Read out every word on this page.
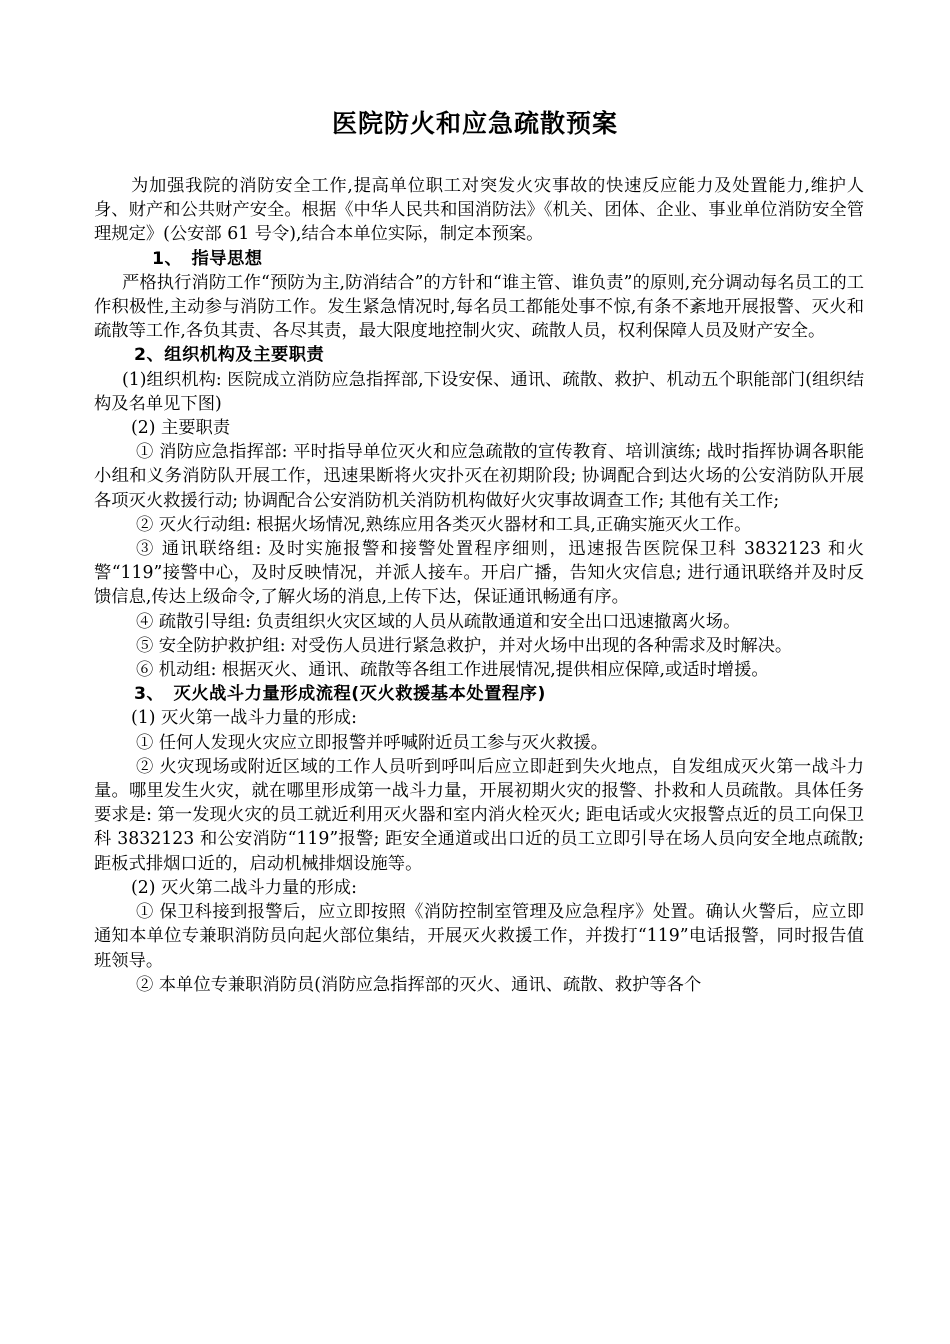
医院防火和应急疏散预案

为加强我院的消防安全工作,提高单位职工对突发火灾事故的快速反应能力及处置能力,维护人身、财产和公共财产安全。根据《中华人民共和国消防法》《机关、团体、企业、事业单位消防安全管理规定》(公安部 61 号令),结合本单位实际，制定本预案。

1、　指导思想

严格执行消防工作“预防为主,防消结合”的方针和“谁主管、谁负责”的原则,充分调动每名员工的工作积极性,主动参与消防工作。发生紧急情况时,每名员工都能处事不惊,有条不紊地开展报警、灭火和疏散等工作,各负其责、各尽其责，最大限度地控制火灾、疏散人员，权利保障人员及财产安全。

2、组织机构及主要职责

(1)组织机构: 医院成立消防应急指挥部,下设安保、通讯、疏散、救护、机动五个职能部门(组织结构及名单见下图)

(2) 主要职责

① 消防应急指挥部: 平时指导单位灭火和应急疏散的宣传教育、培训演练; 战时指挥协调各职能小组和义务消防队开展工作，迅速果断将火灾扑灭在初期阶段; 协调配合到达火场的公安消防队开展各项灭火救援行动; 协调配合公安消防机关消防机构做好火灾事故调查工作; 其他有关工作;

② 灭火行动组: 根据火场情况,熟练应用各类灭火器材和工具,正确实施灭火工作。

③ 通讯联络组: 及时实施报警和接警处置程序细则，迅速报告医院保卫科 3832123 和火警“119”接警中心，及时反映情况，并派人接车。开启广播，告知火灾信息; 进行通讯联络并及时反馈信息,传达上级命令,了解火场的消息,上传下达，保证通讯畅通有序。

④ 疏散引导组: 负责组织火灾区域的人员从疏散通道和安全出口迅速撤离火场。

⑤ 安全防护救护组: 对受伤人员进行紧急救护，并对火场中出现的各种需求及时解决。

⑥ 机动组: 根据灭火、通讯、疏散等各组工作进展情况,提供相应保障,或适时增援。

3、　灭火战斗力量形成流程(灭火救援基本处置程序)

(1) 灭火第一战斗力量的形成:

① 任何人发现火灾应立即报警并呼喊附近员工参与灭火救援。

② 火灾现场或附近区域的工作人员听到呼叫后应立即赶到失火地点，自发组成灭火第一战斗力量。哪里发生火灾，就在哪里形成第一战斗力量，开展初期火灾的报警、扑救和人员疏散。具体任务要求是: 第一发现火灾的员工就近利用灭火器和室内消火栓灭火; 距电话或火灾报警点近的员工向保卫科 3832123 和公安消防“119”报警; 距安全通道或出口近的员工立即引导在场人员向安全地点疏散; 距板式排烟口近的，启动机械排烟设施等。

(2) 灭火第二战斗力量的形成:

① 保卫科接到报警后，应立即按照《消防控制室管理及应急程序》处置。确认火警后，应立即通知本单位专兼职消防员向起火部位集结，开展灭火救援工作，并拨打“119”电话报警，同时报告值班领导。

② 本单位专兼职消防员(消防应急指挥部的灭火、通讯、疏散、救护等各个
